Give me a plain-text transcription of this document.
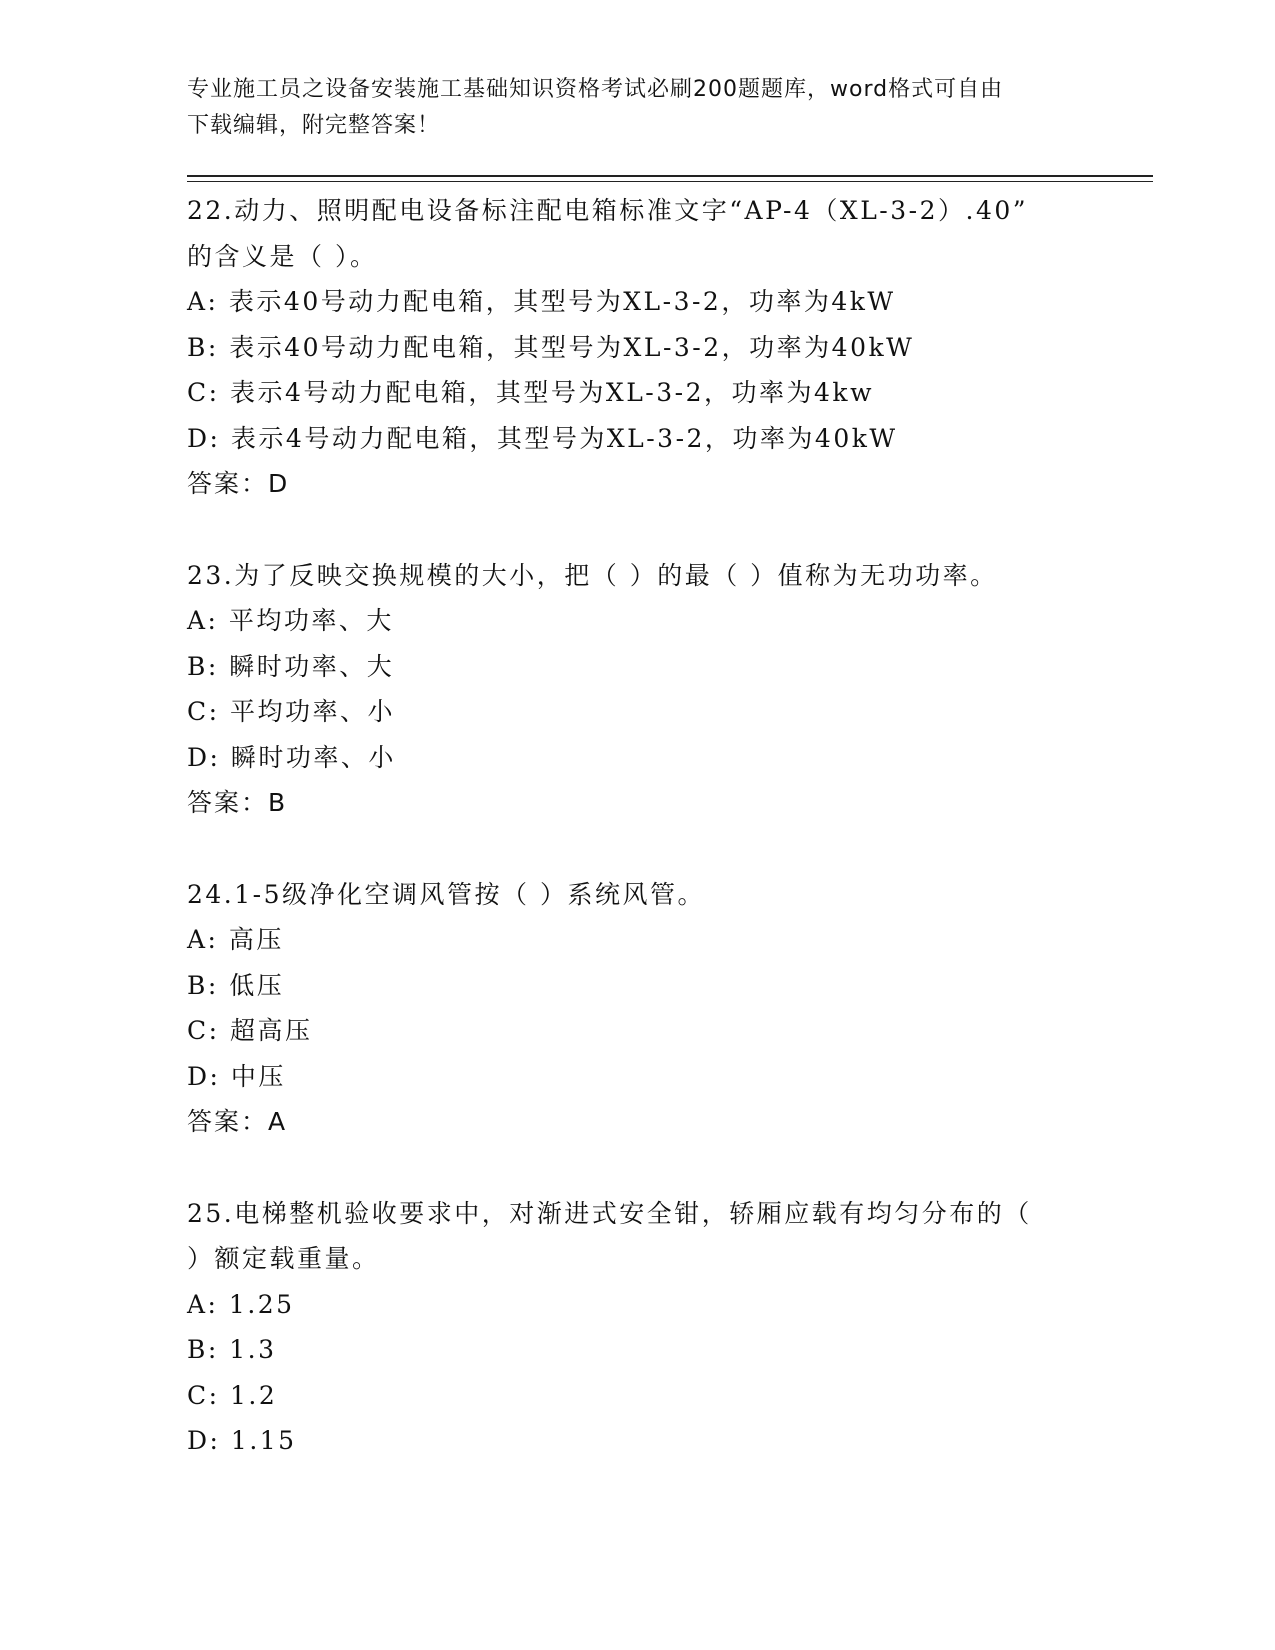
专业施工员之设备安装施工基础知识资格考试必刷200题题库，word格式可自由
下载编辑，附完整答案！
22.动力、照明配电设备标注配电箱标准文字“AP-4（XL-3-2）.40”
的含义是（ ）。
A: 表示40号动力配电箱，其型号为XL-3-2，功率为4kW
B: 表示40号动力配电箱，其型号为XL-3-2，功率为40kW
C: 表示4号动力配电箱，其型号为XL-3-2，功率为4kw
D: 表示4号动力配电箱，其型号为XL-3-2，功率为40kW
答案：D
23.为了反映交换规模的大小，把（ ）的最（ ）值称为无功功率。
A: 平均功率、大
B: 瞬时功率、大
C: 平均功率、小
D: 瞬时功率、小
答案：B
24.1-5级净化空调风管按（ ）系统风管。
A: 高压
B: 低压
C: 超高压
D: 中压
答案：A
25.电梯整机验收要求中，对渐进式安全钳，轿厢应载有均匀分布的（
）额定载重量。
A: 1.25
B: 1.3
C: 1.2
D: 1.15
